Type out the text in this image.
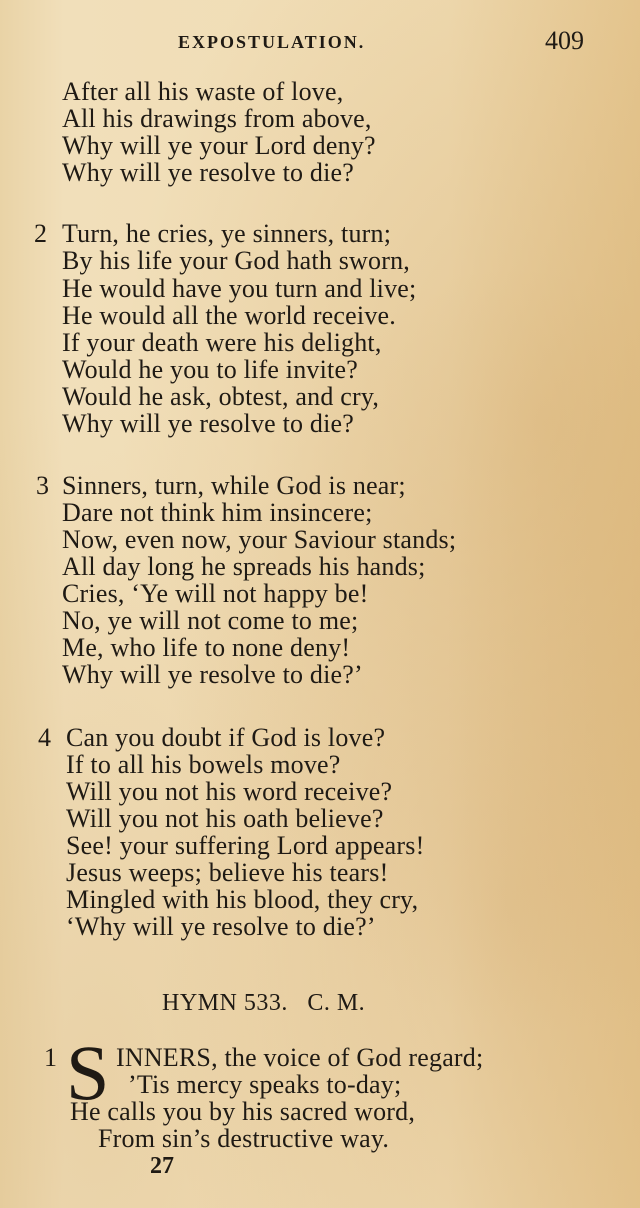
EXPOSTULATION.	409
After all his waste of love,
All his drawings from above,
Why will ye your Lord deny?
Why will ye resolve to die?
2 Turn, he cries, ye sinners, turn;
By his life your God hath sworn,
He would have you turn and live;
He would all the world receive.
If your death were his delight,
Would he you to life invite?
Would he ask, obtest, and cry,
Why will ye resolve to die?
3 Sinners, turn, while God is near;
Dare not think him insincere;
Now, even now, your Saviour stands;
All day long he spreads his hands;
Cries, ‘Ye will not happy be!
No, ye will not come to me;
Me, who life to none deny!
Why will ye resolve to die?’
4 Can you doubt if God is love?
If to all his bowels move?
Will you not his word receive?
Will you not his oath believe?
See! your suffering Lord appears!
Jesus weeps; believe his tears!
Mingled with his blood, they cry,
‘Why will ye resolve to die?’
HYMN 533.   C. M.
1 S INNERS, the voice of God regard;
’Tis mercy speaks to-day;
He calls you by his sacred word,
From sin’s destructive way.
27
